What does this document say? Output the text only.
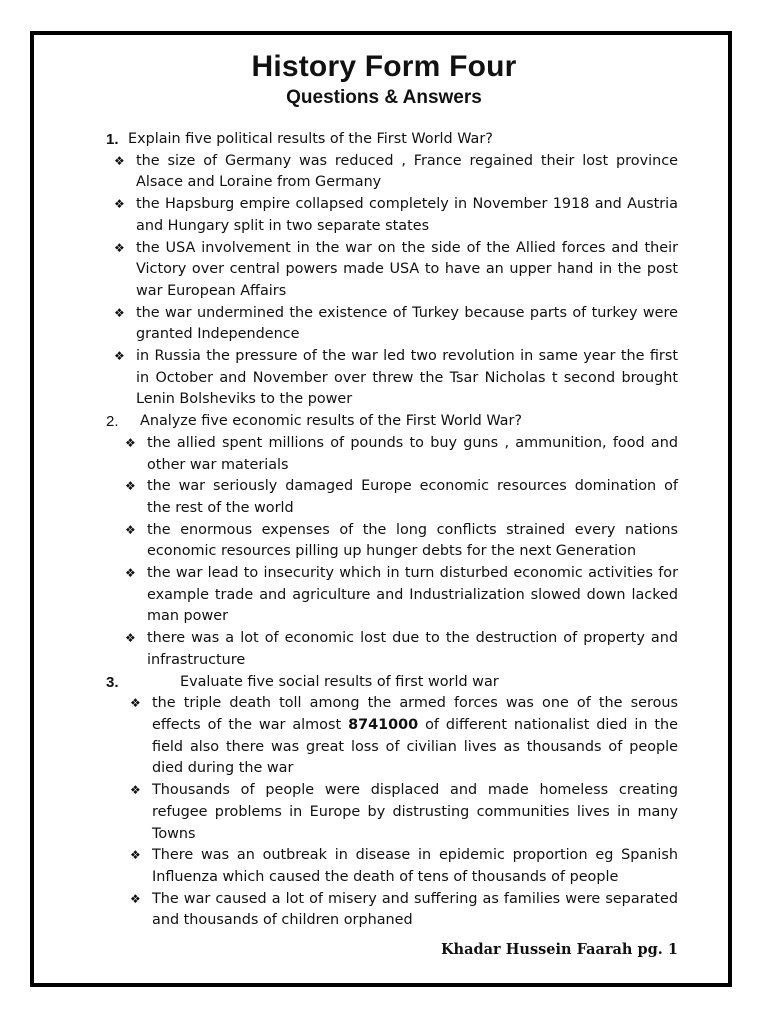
History Form Four
Questions & Answers
1. Explain five political results of the First World War?
❖ the size of Germany was reduced , France regained their lost province Alsace and Loraine from Germany
❖ the Hapsburg empire collapsed completely in November 1918 and Austria and Hungary split in two separate states
❖ the USA involvement in the war on the side of the Allied forces and their Victory over central powers made USA to have an upper hand in the post war European Affairs
❖ the war undermined the existence of Turkey because parts of turkey were granted Independence
❖ in Russia the pressure of the war led two revolution in same year the first in October and November over threw the Tsar Nicholas t second brought Lenin Bolsheviks to the power
2.	Analyze five economic results of the First World War?
❖ the allied spent millions of pounds to buy guns , ammunition, food and other war materials
❖ the war seriously damaged Europe economic resources domination of the rest of the world
❖ the enormous expenses of the long conflicts strained every nations economic resources pilling up hunger debts for the next Generation
❖ the war lead to insecurity which in turn disturbed economic activities for example trade and agriculture and Industrialization slowed down lacked man power
❖ there was a lot of economic lost due to the destruction of property and infrastructure
3.	Evaluate five social results of first world war
❖ the triple death toll among the armed forces was one of the serous effects of the war almost 8741000 of different nationalist died in the field also there was great loss of civilian lives as thousands of people died during the war
❖ Thousands of people were displaced and made homeless creating refugee problems in Europe by distrusting communities lives in many Towns
❖ There was an outbreak in disease in epidemic proportion eg Spanish Influenza which caused the death of tens of thousands of people
❖ The war caused a lot of misery and suffering as families were separated and thousands of children orphaned
Khadar Hussein Faarah pg. 1
